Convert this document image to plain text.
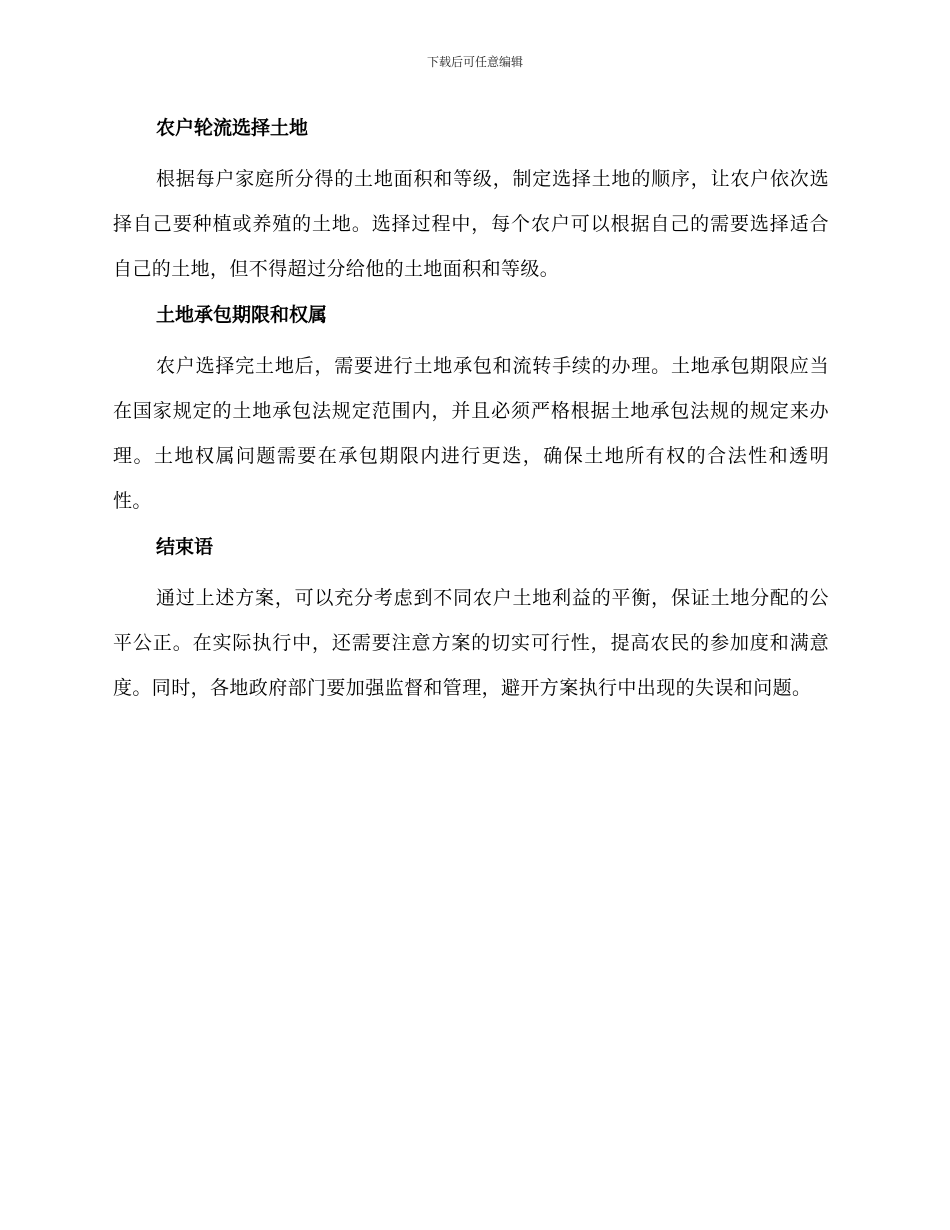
下载后可任意编辑
农户轮流选择土地

根据每户家庭所分得的土地面积和等级，制定选择土地的顺序，让农户依次选择自己要种植或养殖的土地。选择过程中，每个农户可以根据自己的需要选择适合自己的土地，但不得超过分给他的土地面积和等级。

土地承包期限和权属

农户选择完土地后，需要进行土地承包和流转手续的办理。土地承包期限应当在国家规定的土地承包法规定范围内，并且必须严格根据土地承包法规的规定来办理。土地权属问题需要在承包期限内进行更迭，确保土地所有权的合法性和透明性。

结束语

通过上述方案，可以充分考虑到不同农户土地利益的平衡，保证土地分配的公平公正。在实际执行中，还需要注意方案的切实可行性，提高农民的参加度和满意度。同时，各地政府部门要加强监督和管理，避开方案执行中出现的失误和问题。
